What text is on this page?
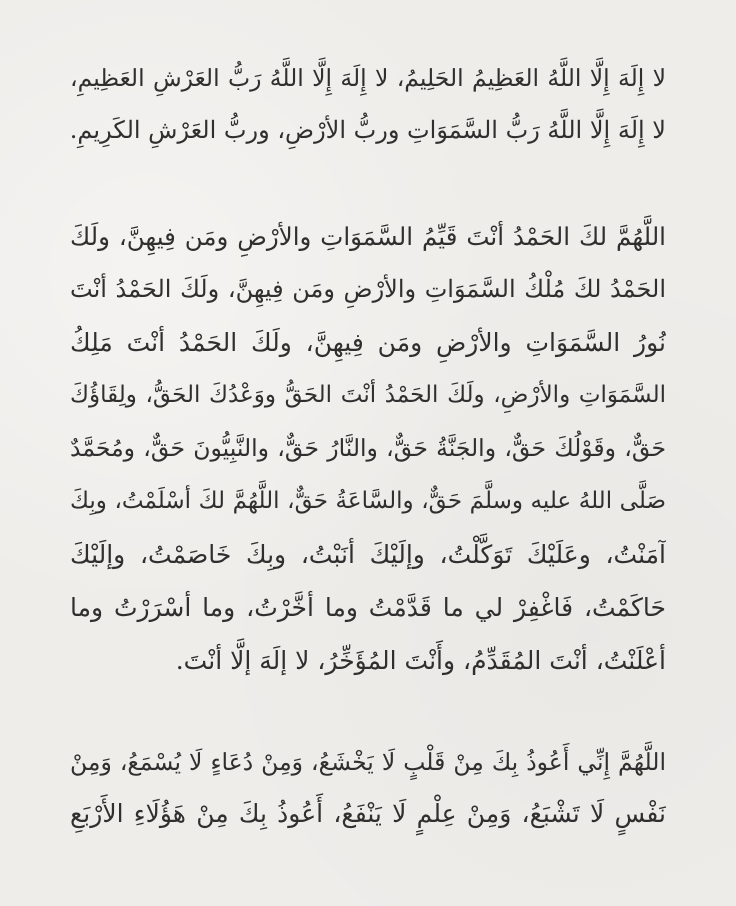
لا إِلَهَ إِلَّا اللَّهُ العَظِيمُ الحَلِيمُ، لا إِلَهَ إِلَّا اللَّهُ رَبُّ العَرْشِ العَظِيمِ،
لا إِلَهَ إِلَّا اللَّهُ رَبُّ السَّمَوَاتِ وربُّ الأرْضِ، وربُّ العَرْشِ الكَرِيمِ.
اللَّهُمَّ لكَ الحَمْدُ أنْتَ قَيِّمُ السَّمَوَاتِ والأرْضِ ومَن فِيهِنَّ، ولَكَ
الحَمْدُ لكَ مُلْكُ السَّمَوَاتِ والأرْضِ ومَن فِيهِنَّ، ولَكَ الحَمْدُ أنْتَ
نُورُ السَّمَوَاتِ والأرْضِ ومَن فِيهِنَّ، ولَكَ الحَمْدُ أنْتَ مَلِكُ
السَّمَوَاتِ والأرْضِ، ولَكَ الحَمْدُ أنْتَ الحَقُّ ووَعْدُكَ الحَقُّ، ولِقَاؤُكَ
حَقٌّ، وقَوْلُكَ حَقٌّ، والجَنَّةُ حَقٌّ، والنَّارُ حَقٌّ، والنَّبِيُّونَ حَقٌّ، ومُحَمَّدٌ
صَلَّى اللهُ عليه وسلَّمَ حَقٌّ، والسَّاعَةُ حَقٌّ، اللَّهُمَّ لكَ أسْلَمْتُ، وبِكَ
آمَنْتُ، وعَلَيْكَ تَوَكَّلْتُ، وإلَيْكَ أنَبْتُ، وبِكَ خَاصَمْتُ، وإلَيْكَ
حَاكَمْتُ، فَاغْفِرْ لي ما قَدَّمْتُ وما أخَّرْتُ، وما أسْرَرْتُ وما
أعْلَنْتُ، أنْتَ المُقَدِّمُ، وأَنْتَ المُؤَخِّرُ، لا إلَهَ إلَّا أنْتَ.
اللَّهُمَّ إِنِّي أَعُوذُ بِكَ مِنْ قَلْبٍ لَا يَخْشَعُ، وَمِنْ دُعَاءٍ لَا يُسْمَعُ، وَمِنْ
نَفْسٍ لَا تَشْبَعُ، وَمِنْ عِلْمٍ لَا يَنْفَعُ، أَعُوذُ بِكَ مِنْ هَؤُلَاءِ الأَرْبَعِ
